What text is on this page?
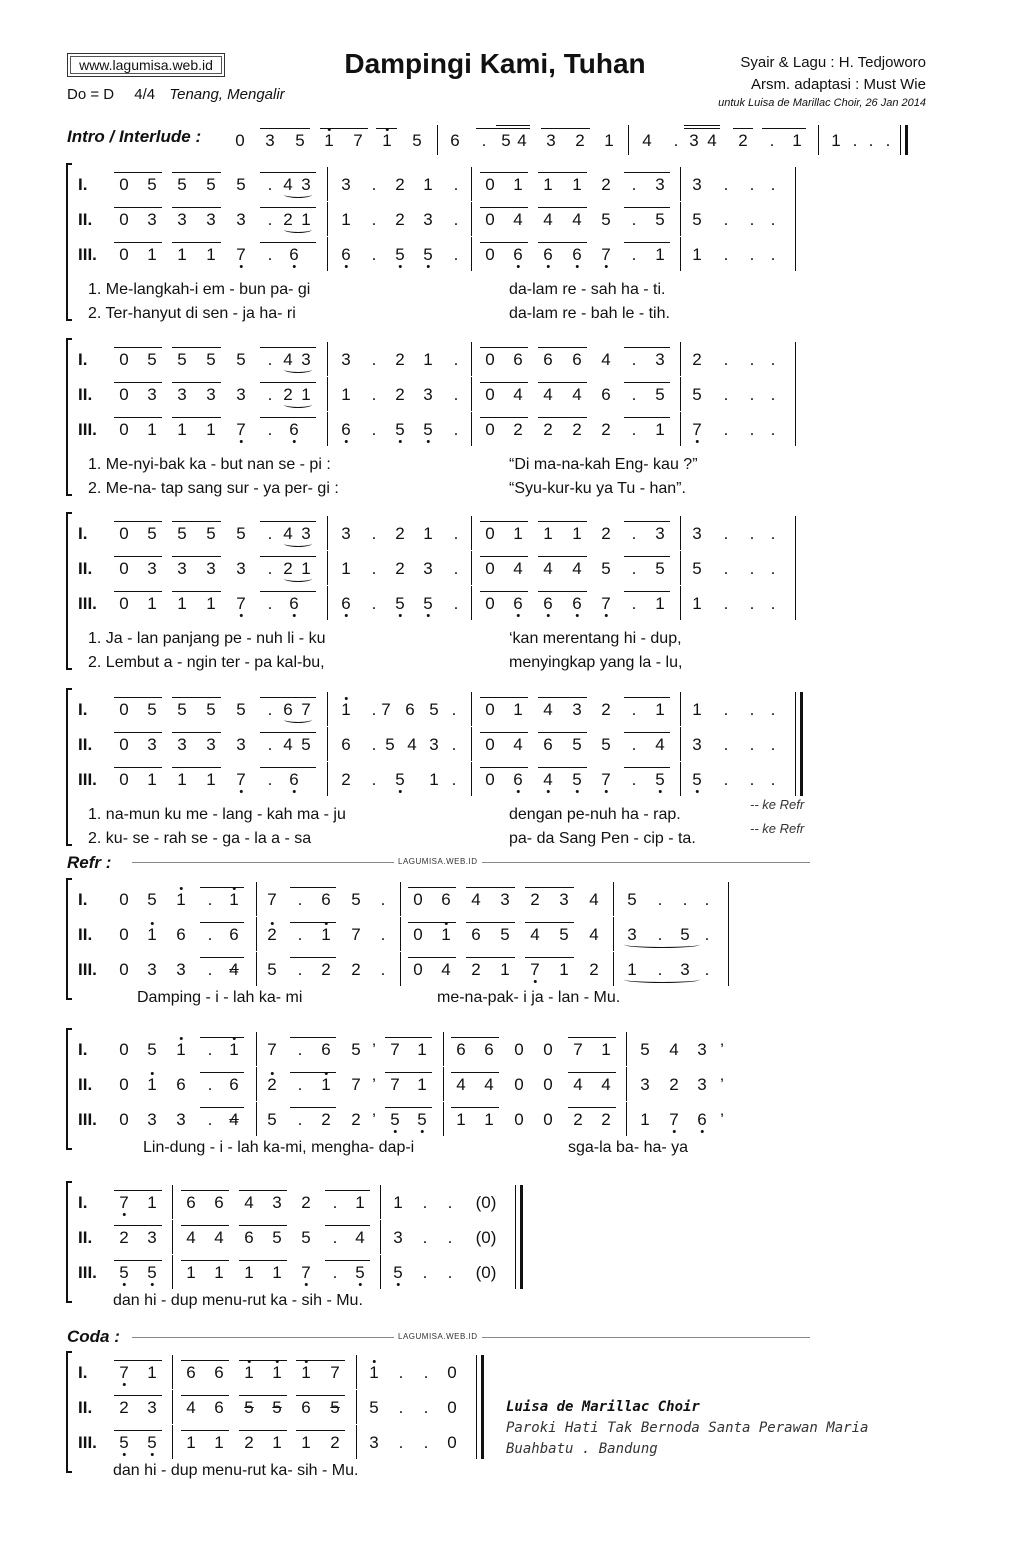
www.lagumisa.web.id	Dampingi Kami, Tuhan
Do = D 4/4 Tenang, Mengalir
Syair & Lagu : H. Tedjoworo
Arsm. adaptasi : Must Wie
untuk Luisa de Marillac Choir, 26 Jan 2014
Intro / Interlude : 0 3 5 1 7 1 5 6 . 5 4 3 2 1 4 . 3 4 2 . 1 1 . . .
I.
II.
III.
0 5 5 5 5 . 4 3 3 . 2 1 . 0 1 1 1 2 . 3 3 . . .
0 3 3 3 3 . 2 1 1 . 2 3 . 0 4 4 4 5 . 5 5 . . .
0 1 1 1 7 . 6	6 . 5 5 . 0 6 6 6 7 . 1 1 . . .
1. Me-langkah-i em - bun pa- gi	da-lam re - sah ha - ti.
2. Ter-hanyut di sen - ja ha- ri	da-lam re - bah le - tih.
I.
II.
III.
0 5 5 5 5 . 4 3 3 . 2 1 . 0 6 6 6 4 . 3 2 . . .
0 3 3 3 3 . 2 1 1 . 2 3 . 0 4 4 4 6 . 5 5 . . .
0 1 1 1 7 . 6	6 . 5 5 . 0 2 2 2 2 . 1 7 . . .
1. Me-nyi-bak ka - but nan se - pi :	“Di ma-na-kah Eng- kau ?”
2. Me-na- tap sang sur - ya per- gi :	“Syu-kur-ku ya Tu - han”.
I.
II.
III.
0 5 5 5 5 . 4 3 3 . 2 1 . 0 1 1 1 2 . 3 3 . . .
0 3 3 3 3 . 2 1 1 . 2 3 . 0 4 4 4 5 . 5 5 . . .
0 1 1 1 7 . 6	6 . 5 5 . 0 6 6 6 7 . 1 1 . . .
1. Ja - lan panjang pe - nuh li - ku	‘kan merentang hi - dup,
2. Lembut a - ngin ter - pa kal-bu,	menyingkap yang la - lu,
I.
II.
III.
0 5 5 5 5 . 6 7 1 . 7 6 5 . 0 1 4 3 2 . 1 1 . . .
0 3 3 3 3 . 4 5 6 . 5 4 3 . 0 4 6 5 5 . 4 3 . . .
0 1 1 1 7 . 6	2 . 5 1 . 0 6 4 5 7 . 5 5 . . .
1. na-mun ku me - lang - kah ma - ju	dengan pe-nuh ha - rap.
2. ku- se - rah se - ga - la a - sa	pa- da Sang Pen - cip - ta.
-- ke Refr
-- ke Refr
I.
II.
III.
0 5 1 . 1 7 . 6 5 . 0 6 4 3 2 3 4 5 . . .
0 1 6 . 6 2 . 1 7 . 0 1 6 5 4 5 4 3 . 5 .
0 3 3 . 4 5 . 2 2 . 0 4 2 1 7 1 2 1 . 3 .
Damping - i - lah ka- mi	me-na-pak- i ja - lan - Mu.
I.
II.
III.
0 5 1 . 1 7 . 6 5 ’ 7 1 6 6 0 0 7 1 5 4 3 ’
0 1 6 . 6 2 . 1 7 ’ 7 1 4 4 0 0 4 4 3 2 3 ’
0 3 3 . 4 5 . 2 2 ’ 5 5 1 1 0 0 2 2 1 7 6 ’
Lin-dung - i - lah ka-mi, mengha- dap-i	sga-la ba- ha- ya
I.
II.
III.
7 1 6 6 4 3 2 . 1 1 . . (0)
2 3 4 4 6 5 5 . 4 3 . . (0)
5 5 1 1 1 1 7 . 5 5 . . (0)
dan hi - dup menu-rut ka - sih - Mu.
I.
II.
III.
7 1 6 6 1 1 1 7 1 . . 0
2 3 4 6 5 5 6 5 5 . . 0
5 5 1 1 2 1 1 2 3 . . 0
dan hi - dup menu-rut ka- sih - Mu.
Refr :	LAGUMISA.WEB.ID
Coda :	LAGUMISA.WEB.ID
Luisa de Marillac Choir
Paroki Hati Tak Bernoda Santa Perawan Maria
Buahbatu . Bandung
